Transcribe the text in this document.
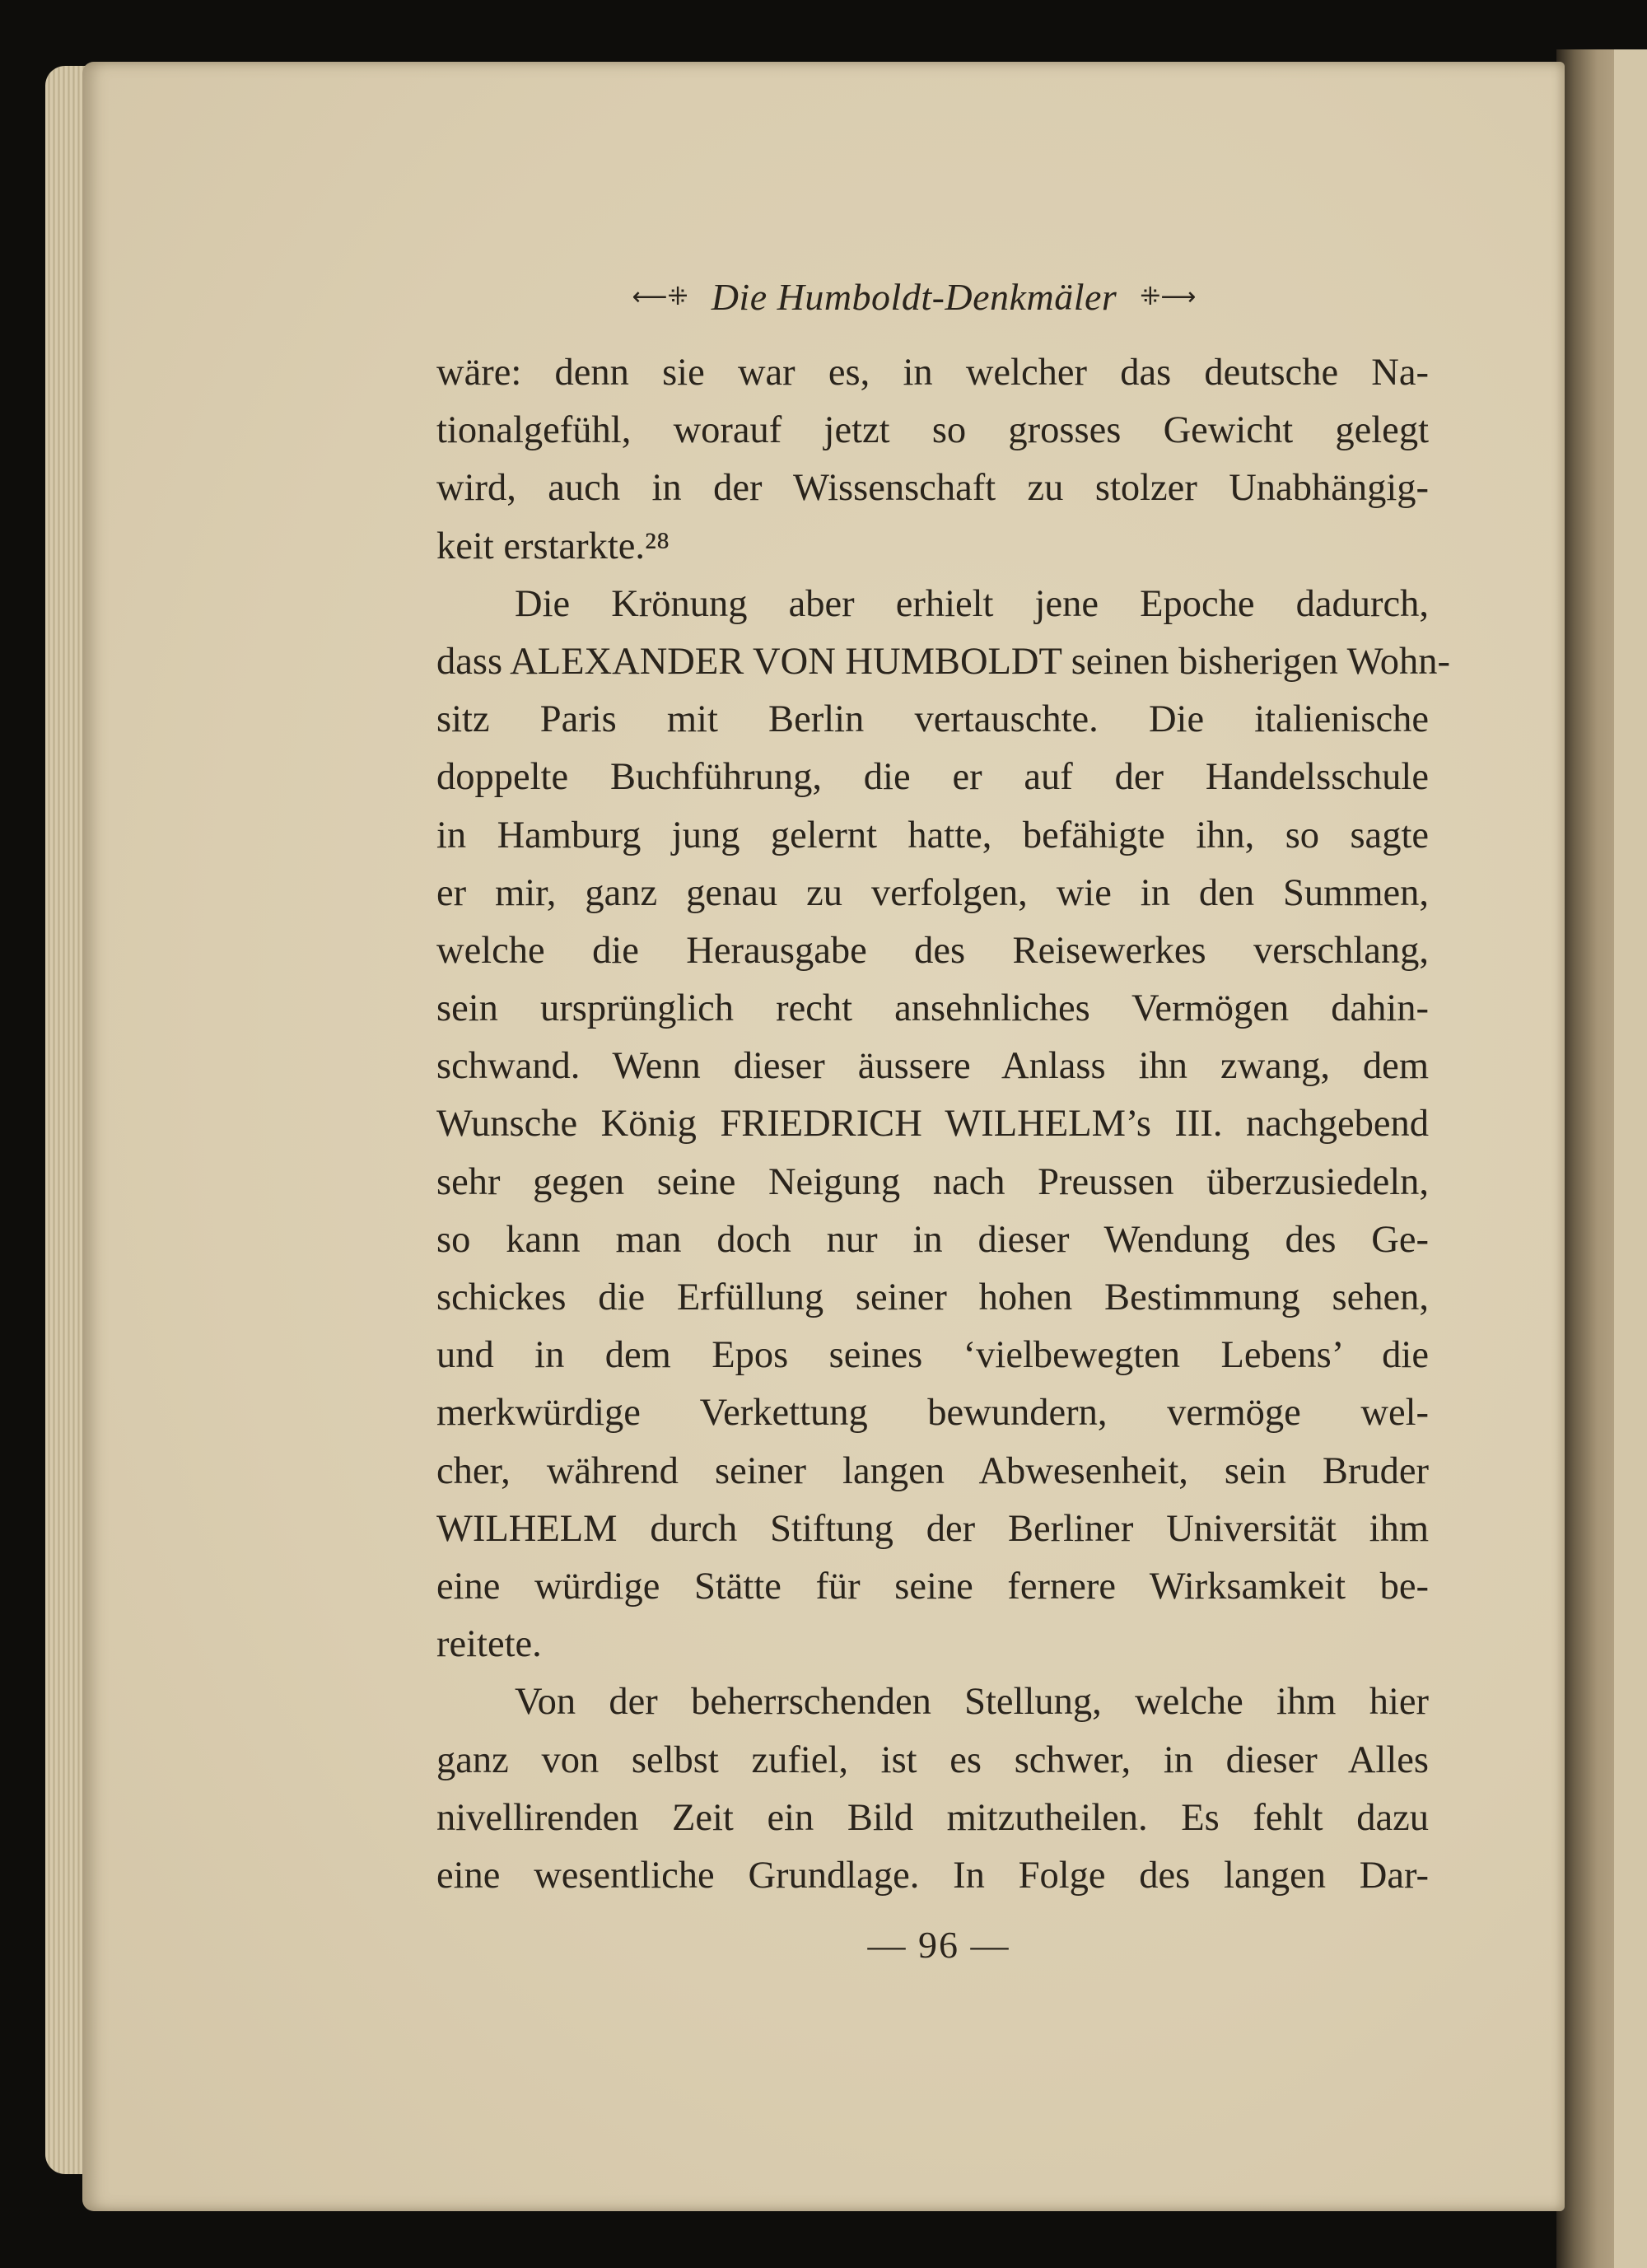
⟵⁜ Die Humboldt-Denkmäler ⁜⟶
wäre: denn sie war es, in welcher das deutsche Na-
tionalgefühl, worauf jetzt so grosses Gewicht gelegt
wird, auch in der Wissenschaft zu stolzer Unabhängig-
keit erstarkte.²⁸
Die Krönung aber erhielt jene Epoche dadurch,
dass ALEXANDER VON HUMBOLDT seinen bisherigen Wohn-
sitz Paris mit Berlin vertauschte. Die italienische
doppelte Buchführung, die er auf der Handelsschule
in Hamburg jung gelernt hatte, befähigte ihn, so sagte
er mir, ganz genau zu verfolgen, wie in den Summen,
welche die Herausgabe des Reisewerkes verschlang,
sein ursprünglich recht ansehnliches Vermögen dahin-
schwand. Wenn dieser äussere Anlass ihn zwang, dem
Wunsche König FRIEDRICH WILHELM’s III. nachgebend
sehr gegen seine Neigung nach Preussen überzusiedeln,
so kann man doch nur in dieser Wendung des Ge-
schickes die Erfüllung seiner hohen Bestimmung sehen,
und in dem Epos seines ‘vielbewegten Lebens’ die
merkwürdige Verkettung bewundern, vermöge wel-
cher, während seiner langen Abwesenheit, sein Bruder
WILHELM durch Stiftung der Berliner Universität ihm
eine würdige Stätte für seine fernere Wirksamkeit be-
reitete.
Von der beherrschenden Stellung, welche ihm hier
ganz von selbst zufiel, ist es schwer, in dieser Alles
nivellirenden Zeit ein Bild mitzutheilen. Es fehlt dazu
eine wesentliche Grundlage. In Folge des langen Dar-
— 96 —
